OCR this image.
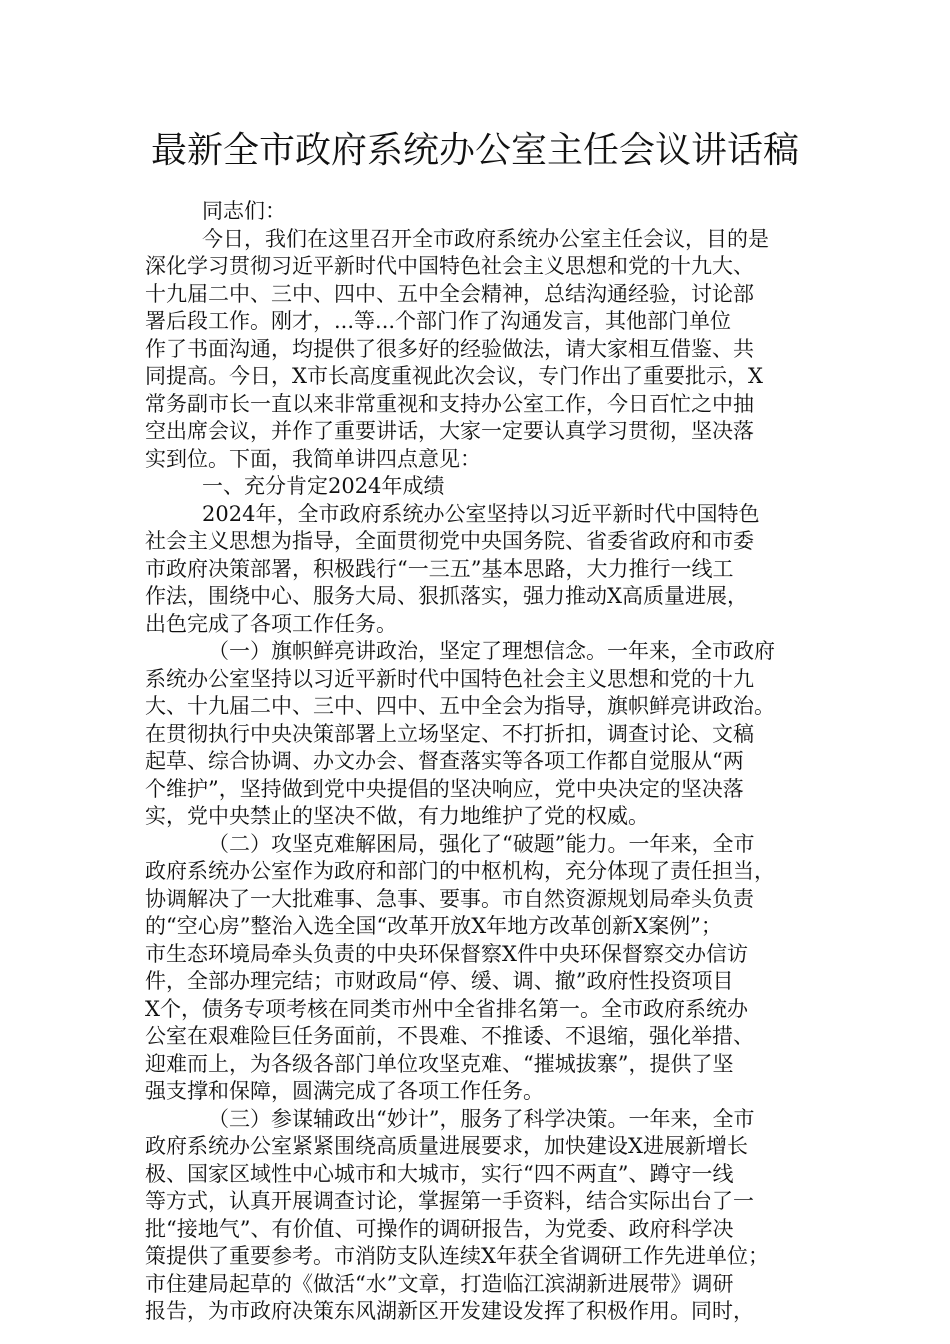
最新全市政府系统办公室主任会议讲话稿

同志们：

今日，我们在这里召开全市政府系统办公室主任会议，目的是
深化学习贯彻习近平新时代中国特色社会主义思想和党的十九大、
十九届二中、三中、四中、五中全会精神，总结沟通经验，讨论部
署后段工作。刚才，...等...个部门作了沟通发言，其他部门单位
作了书面沟通，均提供了很多好的经验做法，请大家相互借鉴、共
同提高。今日，X市长高度重视此次会议，专门作出了重要批示，X
常务副市长一直以来非常重视和支持办公室工作，今日百忙之中抽
空出席会议，并作了重要讲话，大家一定要认真学习贯彻，坚决落
实到位。下面，我简单讲四点意见：

一、充分肯定2024年成绩

2024年，全市政府系统办公室坚持以习近平新时代中国特色
社会主义思想为指导，全面贯彻党中央国务院、省委省政府和市委
市政府决策部署，积极践行“一三五”基本思路，大力推行一线工
作法，围绕中心、服务大局、狠抓落实，强力推动X高质量进展，
出色完成了各项工作任务。

（一）旗帜鲜亮讲政治，坚定了理想信念。一年来，全市政府
系统办公室坚持以习近平新时代中国特色社会主义思想和党的十九
大、十九届二中、三中、四中、五中全会为指导，旗帜鲜亮讲政治。
在贯彻执行中央决策部署上立场坚定、不打折扣，调查讨论、文稿
起草、综合协调、办文办会、督查落实等各项工作都自觉服从“两
个维护”，坚持做到党中央提倡的坚决响应，党中央决定的坚决落
实，党中央禁止的坚决不做，有力地维护了党的权威。

（二）攻坚克难解困局，强化了“破题”能力。一年来，全市
政府系统办公室作为政府和部门的中枢机构，充分体现了责任担当，
协调解决了一大批难事、急事、要事。市自然资源规划局牵头负责
的“空心房”整治入选全国“改革开放X年地方改革创新X案例”；
市生态环境局牵头负责的中央环保督察X件中央环保督察交办信访
件，全部办理完结；市财政局“停、缓、调、撤”政府性投资项目
X个，债务专项考核在同类市州中全省排名第一。全市政府系统办
公室在艰难险巨任务面前，不畏难、不推诿、不退缩，强化举措、
迎难而上，为各级各部门单位攻坚克难、“摧城拔寨”，提供了坚
强支撑和保障，圆满完成了各项工作任务。

（三）参谋辅政出“妙计”，服务了科学决策。一年来，全市
政府系统办公室紧紧围绕高质量进展要求，加快建设X进展新增长
极、国家区域性中心城市和大城市，实行“四不两直”、蹲守一线
等方式，认真开展调查讨论，掌握第一手资料，结合实际出台了一
批“接地气”、有价值、可操作的调研报告，为党委、政府科学决
策提供了重要参考。市消防支队连续X年获全省调研工作先进单位；
市住建局起草的《做活“水”文章，打造临江滨湖新进展带》调研
报告，为市政府决策东风湖新区开发建设发挥了积极作用。同时，
